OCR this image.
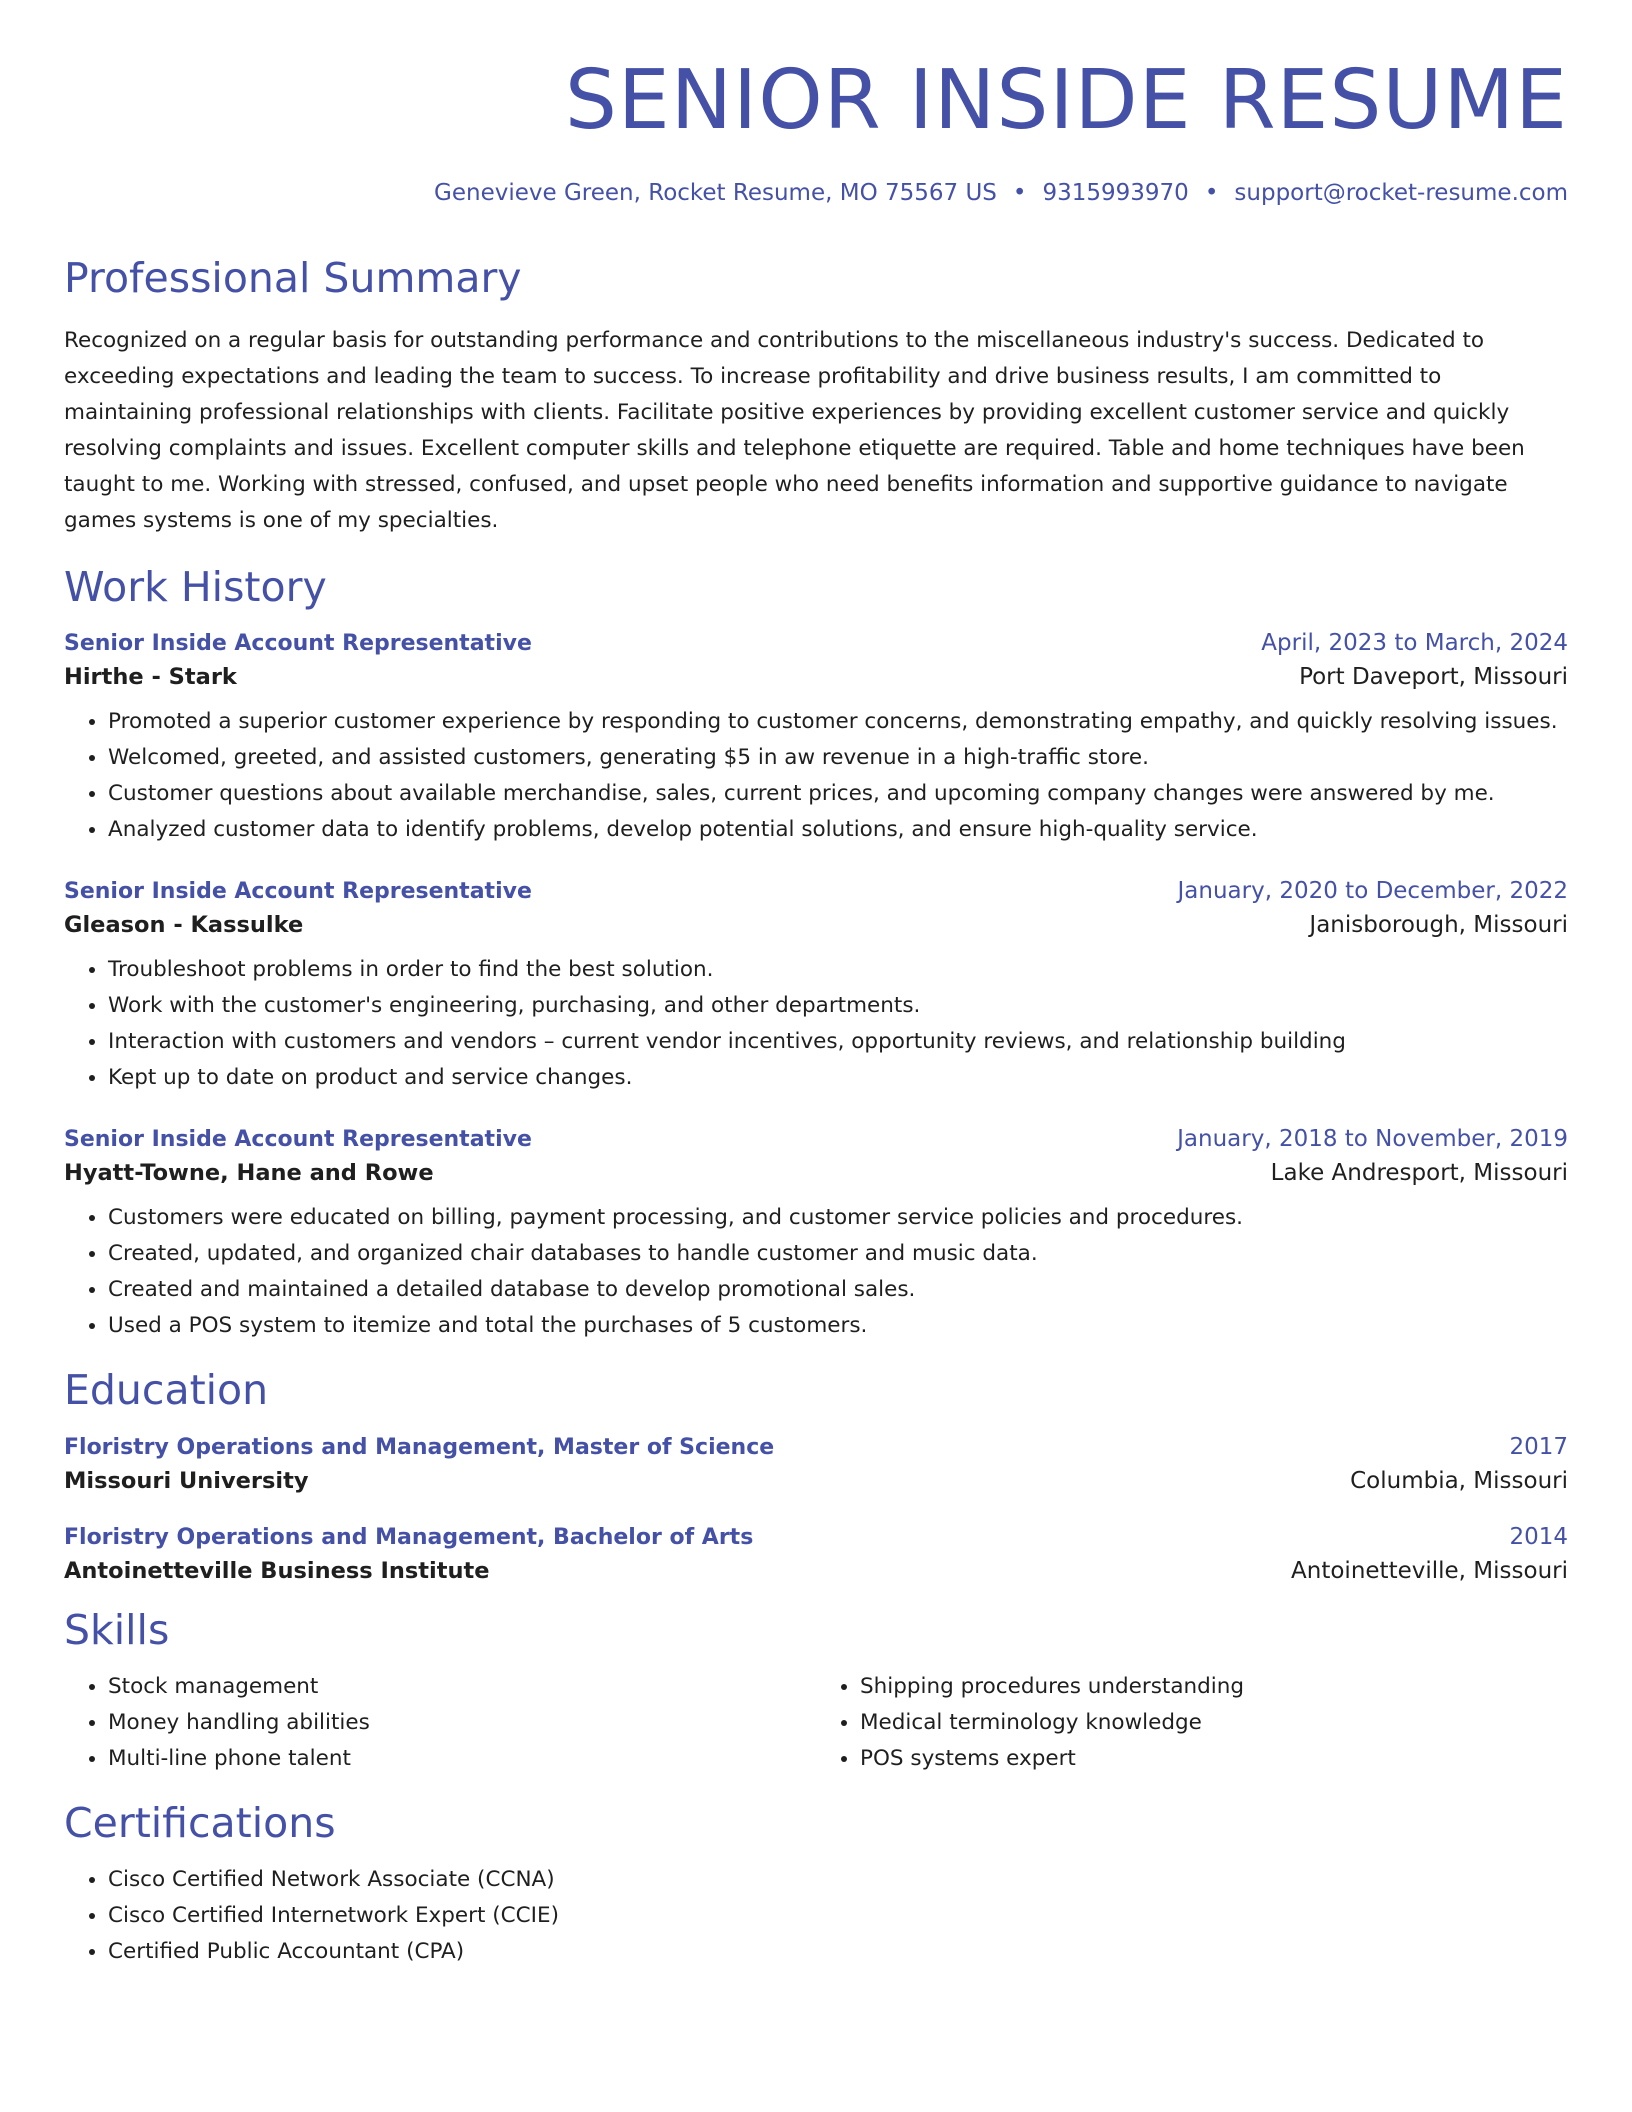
SENIOR INSIDE RESUME
Genevieve Green, Rocket Resume, MO 75567 US • 9315993970 • support@rocket-resume.com
Professional Summary

Recognized on a regular basis for outstanding performance and contributions to the miscellaneous industry's success. Dedicated to exceeding expectations and leading the team to success. To increase profitability and drive business results, I am committed to maintaining professional relationships with clients. Facilitate positive experiences by providing excellent customer service and quickly resolving complaints and issues. Excellent computer skills and telephone etiquette are required. Table and home techniques have been taught to me. Working with stressed, confused, and upset people who need benefits information and supportive guidance to navigate games systems is one of my specialties.

Work History
Senior Inside Account Representative	April, 2023 to March, 2024
Hirthe - Stark	Port Daveport, Missouri
• Promoted a superior customer experience by responding to customer concerns, demonstrating empathy, and quickly resolving issues.
• Welcomed, greeted, and assisted customers, generating $5 in aw revenue in a high-traffic store.
• Customer questions about available merchandise, sales, current prices, and upcoming company changes were answered by me.
• Analyzed customer data to identify problems, develop potential solutions, and ensure high-quality service.
Senior Inside Account Representative	January, 2020 to December, 2022
Gleason - Kassulke	Janisborough, Missouri
• Troubleshoot problems in order to find the best solution.
• Work with the customer's engineering, purchasing, and other departments.
• Interaction with customers and vendors – current vendor incentives, opportunity reviews, and relationship building
• Kept up to date on product and service changes.
Senior Inside Account Representative	January, 2018 to November, 2019
Hyatt-Towne, Hane and Rowe	Lake Andresport, Missouri
• Customers were educated on billing, payment processing, and customer service policies and procedures.
• Created, updated, and organized chair databases to handle customer and music data.
• Created and maintained a detailed database to develop promotional sales.
• Used a POS system to itemize and total the purchases of 5 customers.
Education
Floristry Operations and Management, Master of Science	2017
Missouri University	Columbia, Missouri
Floristry Operations and Management, Bachelor of Arts	2014
Antoinetteville Business Institute	Antoinetteville, Missouri
Skills
• Stock management
• Money handling abilities
• Multi-line phone talent
• Shipping procedures understanding
• Medical terminology knowledge
• POS systems expert
Certifications
• Cisco Certified Network Associate (CCNA)
• Cisco Certified Internetwork Expert (CCIE)
• Certified Public Accountant (CPA)
